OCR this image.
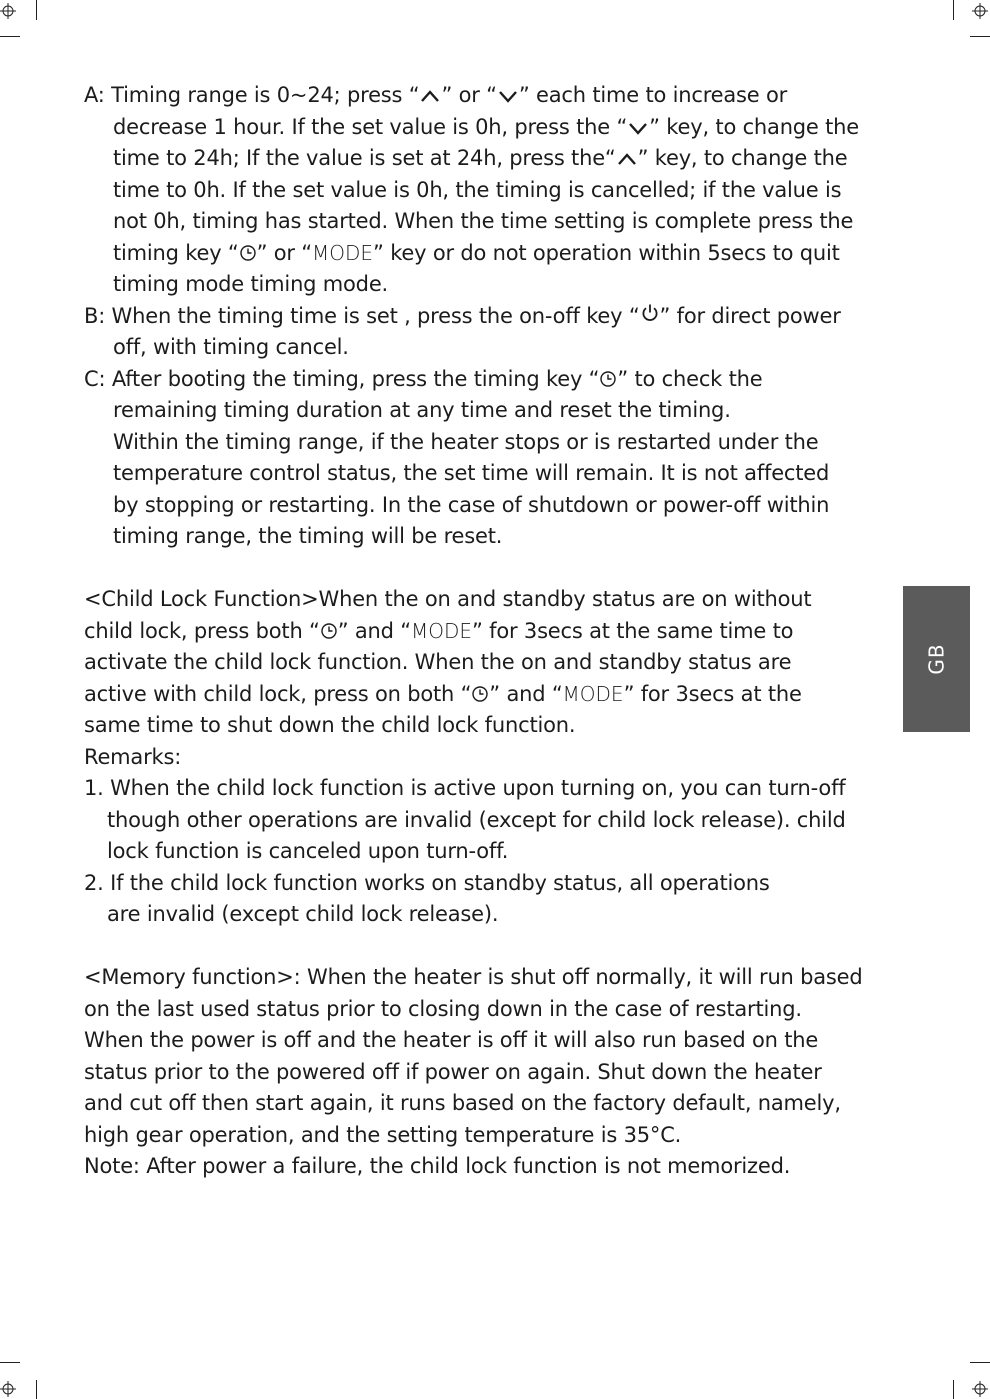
GB
A: Timing range is 0~24; press “ ” or “ ” each time to increase or
decrease 1 hour. If the set value is 0h, press the “ ” key, to change the
time to 24h; If the value is set at 24h, press the“ ” key, to change the
time to 0h. If the set value is 0h, the timing is cancelled; if the value is
not 0h, timing has started. When the time setting is complete press the
timing key “ ” or “MODE” key or do not operation within 5secs to quit
timing mode timing mode.
B: When the timing time is set , press the on-off key “ ” for direct power
off, with timing cancel.
C: After booting the timing, press the timing key “ ” to check the
remaining timing duration at any time and reset the timing.
Within the timing range, if the heater stops or is restarted under the
temperature control status, the set time will remain. It is not affected
by stopping or restarting. In the case of shutdown or power-off within
timing range, the timing will be reset.
<Child Lock Function>When the on and standby status are on without
child lock, press both “ ” and “MODE” for 3secs at the same time to
activate the child lock function. When the on and standby status are
active with child lock, press on both “ ” and “MODE” for 3secs at the
same time to shut down the child lock function.
Remarks:
1. When the child lock function is active upon turning on, you can turn-off
though other operations are invalid (except for child lock release). child
lock function is canceled upon turn-off.
2. If the child lock function works on standby status, all operations
are invalid (except child lock release).
<Memory function>: When the heater is shut off normally, it will run based
on the last used status prior to closing down in the case of restarting.
When the power is off and the heater is off it will also run based on the
status prior to the powered off if power on again. Shut down the heater
and cut off then start again, it runs based on the factory default, namely,
high gear operation, and the setting temperature is 35°C.
Note: After power a failure, the child lock function is not memorized.
